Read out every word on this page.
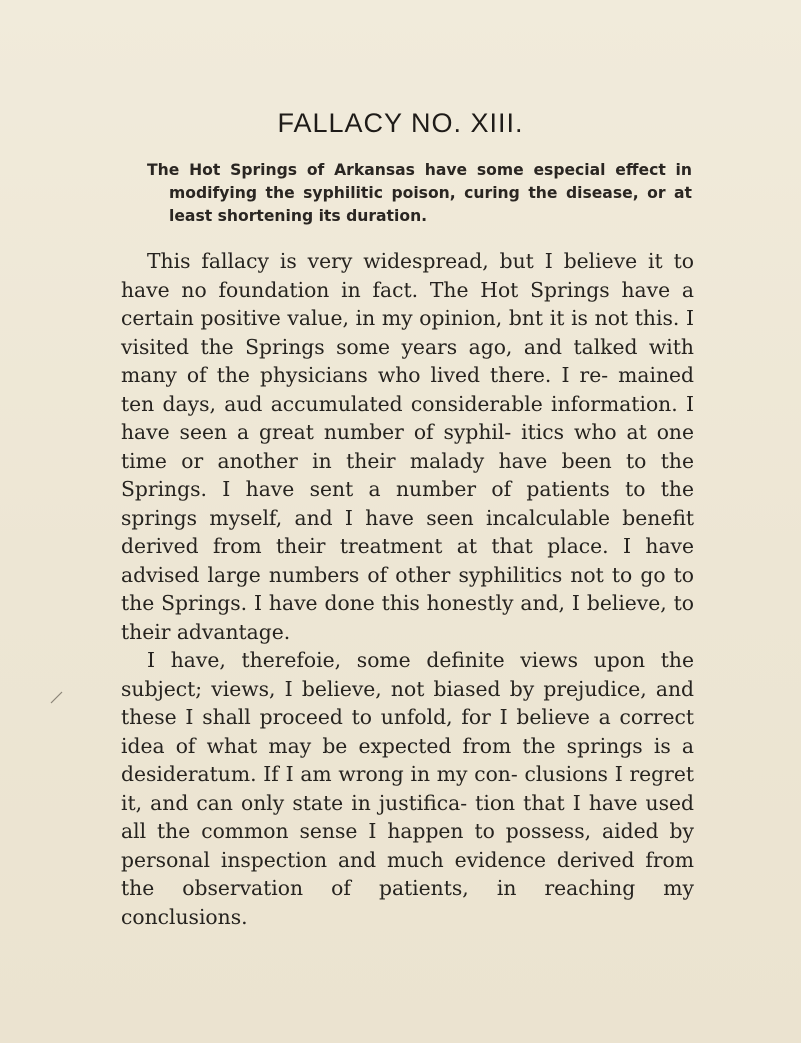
FALLACY NO. XIII.

The Hot Springs of Arkansas have some especial effect in modifying the syphilitic poison, curing the disease, or at least shortening its duration.

This fallacy is very widespread, but I believe it to have no foundation in fact. The Hot Springs have a certain positive value, in my opinion, bnt it is not this. I visited the Springs some years ago, and talked with many of the physicians who lived there. I re- mained ten days, aud accumulated considerable information. I have seen a great number of syphil- itics who at one time or another in their malady have been to the Springs. I have sent a number of patients to the springs myself, and I have seen incalculable benefit derived from their treatment at that place. I have advised large numbers of other syphilitics not to go to the Springs. I have done this honestly and, I believe, to their advantage.

I have, therefoie, some definite views upon the subject; views, I believe, not biased by prejudice, and these I shall proceed to unfold, for I believe a correct idea of what may be expected from the springs is a desideratum. If I am wrong in my con- clusions I regret it, and can only state in justifica- tion that I have used all the common sense I happen to possess, aided by personal inspection and much evidence derived from the observation of patients, in reaching my conclusions.
